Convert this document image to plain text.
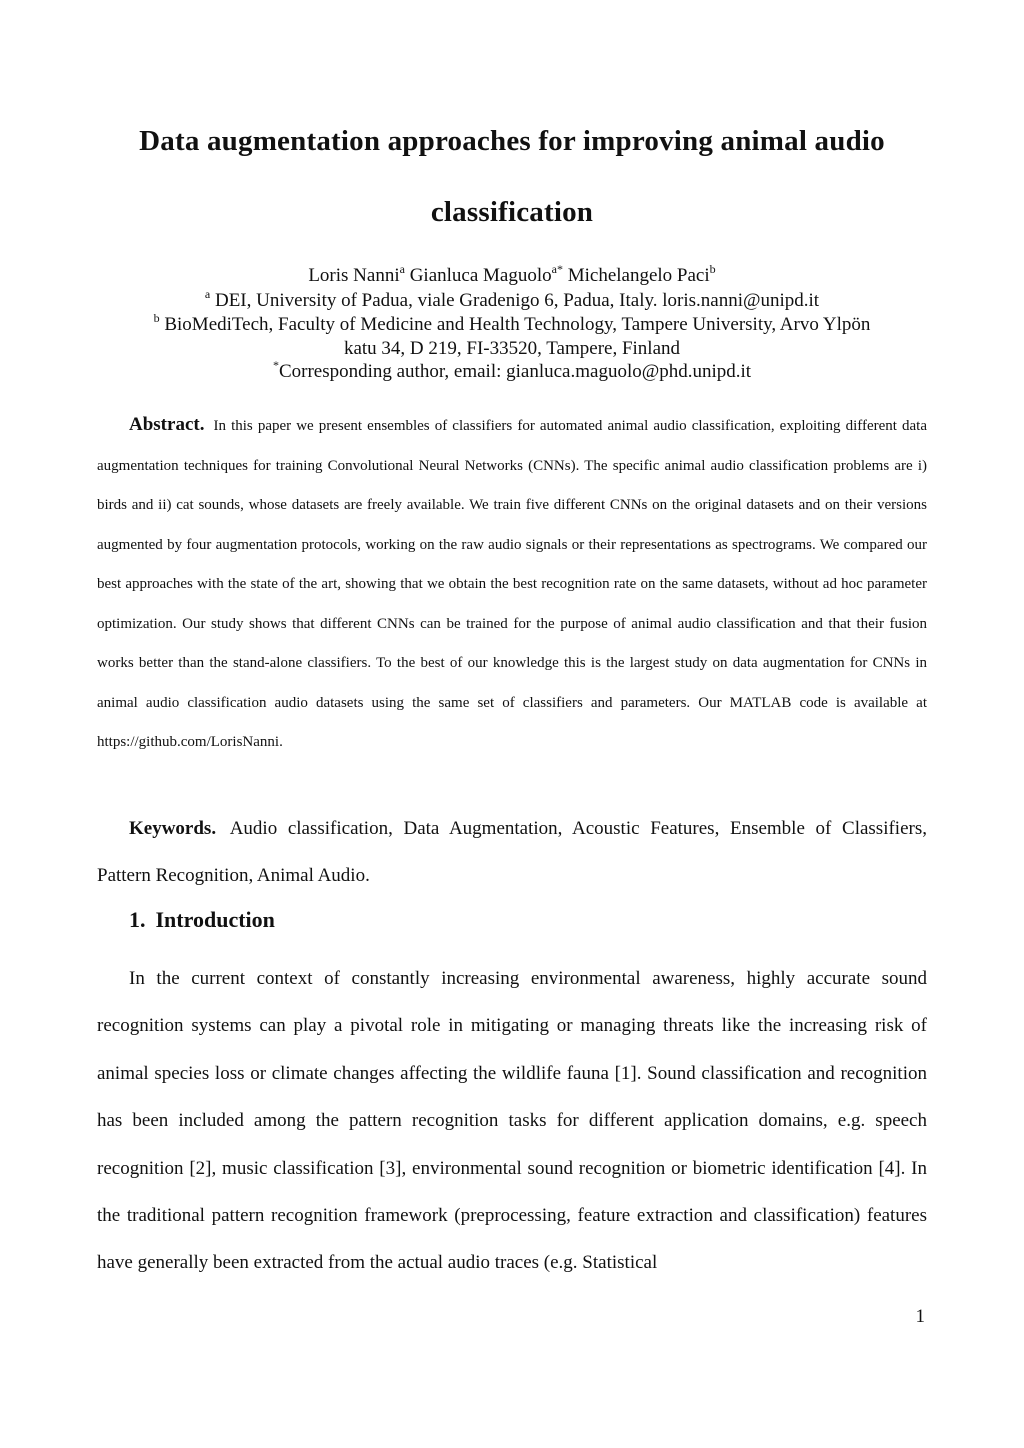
Data augmentation approaches for improving animal audio
classification
Loris Nanni$^a$ Gianluca Maguolo$^{a*}$ Michelangelo Paci$^b$
$^a$ DEI, University of Padua, viale Gradenigo 6, Padua, Italy. loris.nanni@unipd.it
$^b$ BioMediTech, Faculty of Medicine and Health Technology, Tampere University, Arvo Ylpön
katu 34, D 219, FI-33520, Tampere, Finland
*Corresponding author, email: gianluca.maguolo@phd.unipd.it
Abstract. In this paper we present ensembles of classifiers for automated animal audio classification, exploiting different data augmentation techniques for training Convolutional Neural Networks (CNNs). The specific animal audio classification problems are i) birds and ii) cat sounds, whose datasets are freely available. We train five different CNNs on the original datasets and on their versions augmented by four augmentation protocols, working on the raw audio signals or their representations as spectrograms. We compared our best approaches with the state of the art, showing that we obtain the best recognition rate on the same datasets, without ad hoc parameter optimization. Our study shows that different CNNs can be trained for the purpose of animal audio classification and that their fusion works better than the stand-alone classifiers. To the best of our knowledge this is the largest study on data augmentation for CNNs in animal audio classification audio datasets using the same set of classifiers and parameters. Our MATLAB code is available at https://github.com/LorisNanni.
Keywords. Audio classification, Data Augmentation, Acoustic Features, Ensemble of Classifiers, Pattern Recognition, Animal Audio.
1. Introduction
In the current context of constantly increasing environmental awareness, highly accurate sound recognition systems can play a pivotal role in mitigating or managing threats like the increasing risk of animal species loss or climate changes affecting the wildlife fauna [1]. Sound classification and recognition has been included among the pattern recognition tasks for different application domains, e.g. speech recognition [2], music classification [3], environmental sound recognition or biometric identification [4]. In the traditional pattern recognition framework (preprocessing, feature extraction and classification) features have generally been extracted from the actual audio traces (e.g. Statistical
1
